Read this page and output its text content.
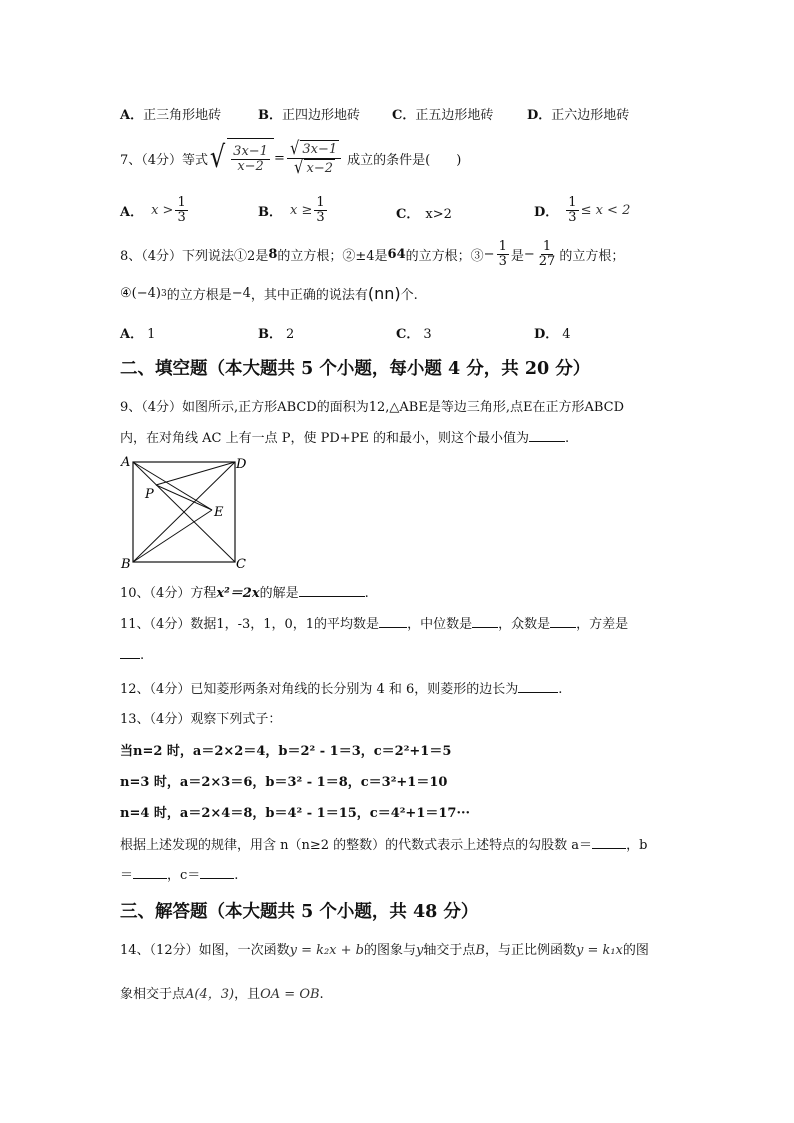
A．正三角形地砖	B．正四边形地砖 C．正五边形地砖	D．正六边形地砖
7、（4分）等式 √ $\frac{3x-1}{x-2} = \frac{√ 3x-1}{√ x-2}$ 成立的条件是(　　)
A． $x > \frac{1}{3}$	B． $x \ge \frac{1}{3}$	C． x>2	D． $\frac{1}{3} \le x < 2$
8、（4分）下列说法①2是 8 的立方根；②±4是 64 的立方根；③ − $\frac{1}{3}$ 是 − $\frac{1}{27}$ 的立方根；
④ (−4) 3 的立方根是 −4 ，其中正确的说法有 (nn) 个.
A． 1	B． 2	C． 3	D． 4
二、填空题（本大题共 5 个小题，每小题 4 分，共 20 分）
9、（4分）如图所示,正方形ABCD的面积为12,△ABE是等边三角形,点E在正方形ABCD
内，在对角线 AC 上有一点 P，使 PD+PE 的和最小，则这个最小值为	.
A	D
B	C
P
E
10、（4分）方程x²＝2x的解是	.
11、（4分）数据1，-3，1，0，1的平均数是 ，中位数是 ，众数是 ，方差是
.
12、（4分）已知菱形两条对角线的长分别为 4 和 6，则菱形的边长为	.
13、（4分）观察下列式子：
当n=2 时，a＝2×2＝4，b＝2² - 1＝3，c＝2²+1＝5
n=3 时，a＝2×3＝6，b＝3² - 1＝8，c＝3²+1＝10
n=4 时，a＝2×4＝8，b＝4² - 1＝15，c＝4²+1＝17···
根据上述发现的规律，用含 n（n≥2 的整数）的代数式表示上述特点的勾股数 a＝	，b
＝	，c＝	.
三、解答题（本大题共 5 个小题，共 48 分）
14、（12分）如图，一次函数y = k₂x + b的图象与y轴交于点B，与正比例函数y = k₁x的图
象相交于点A(4，3)，且OA = OB.
